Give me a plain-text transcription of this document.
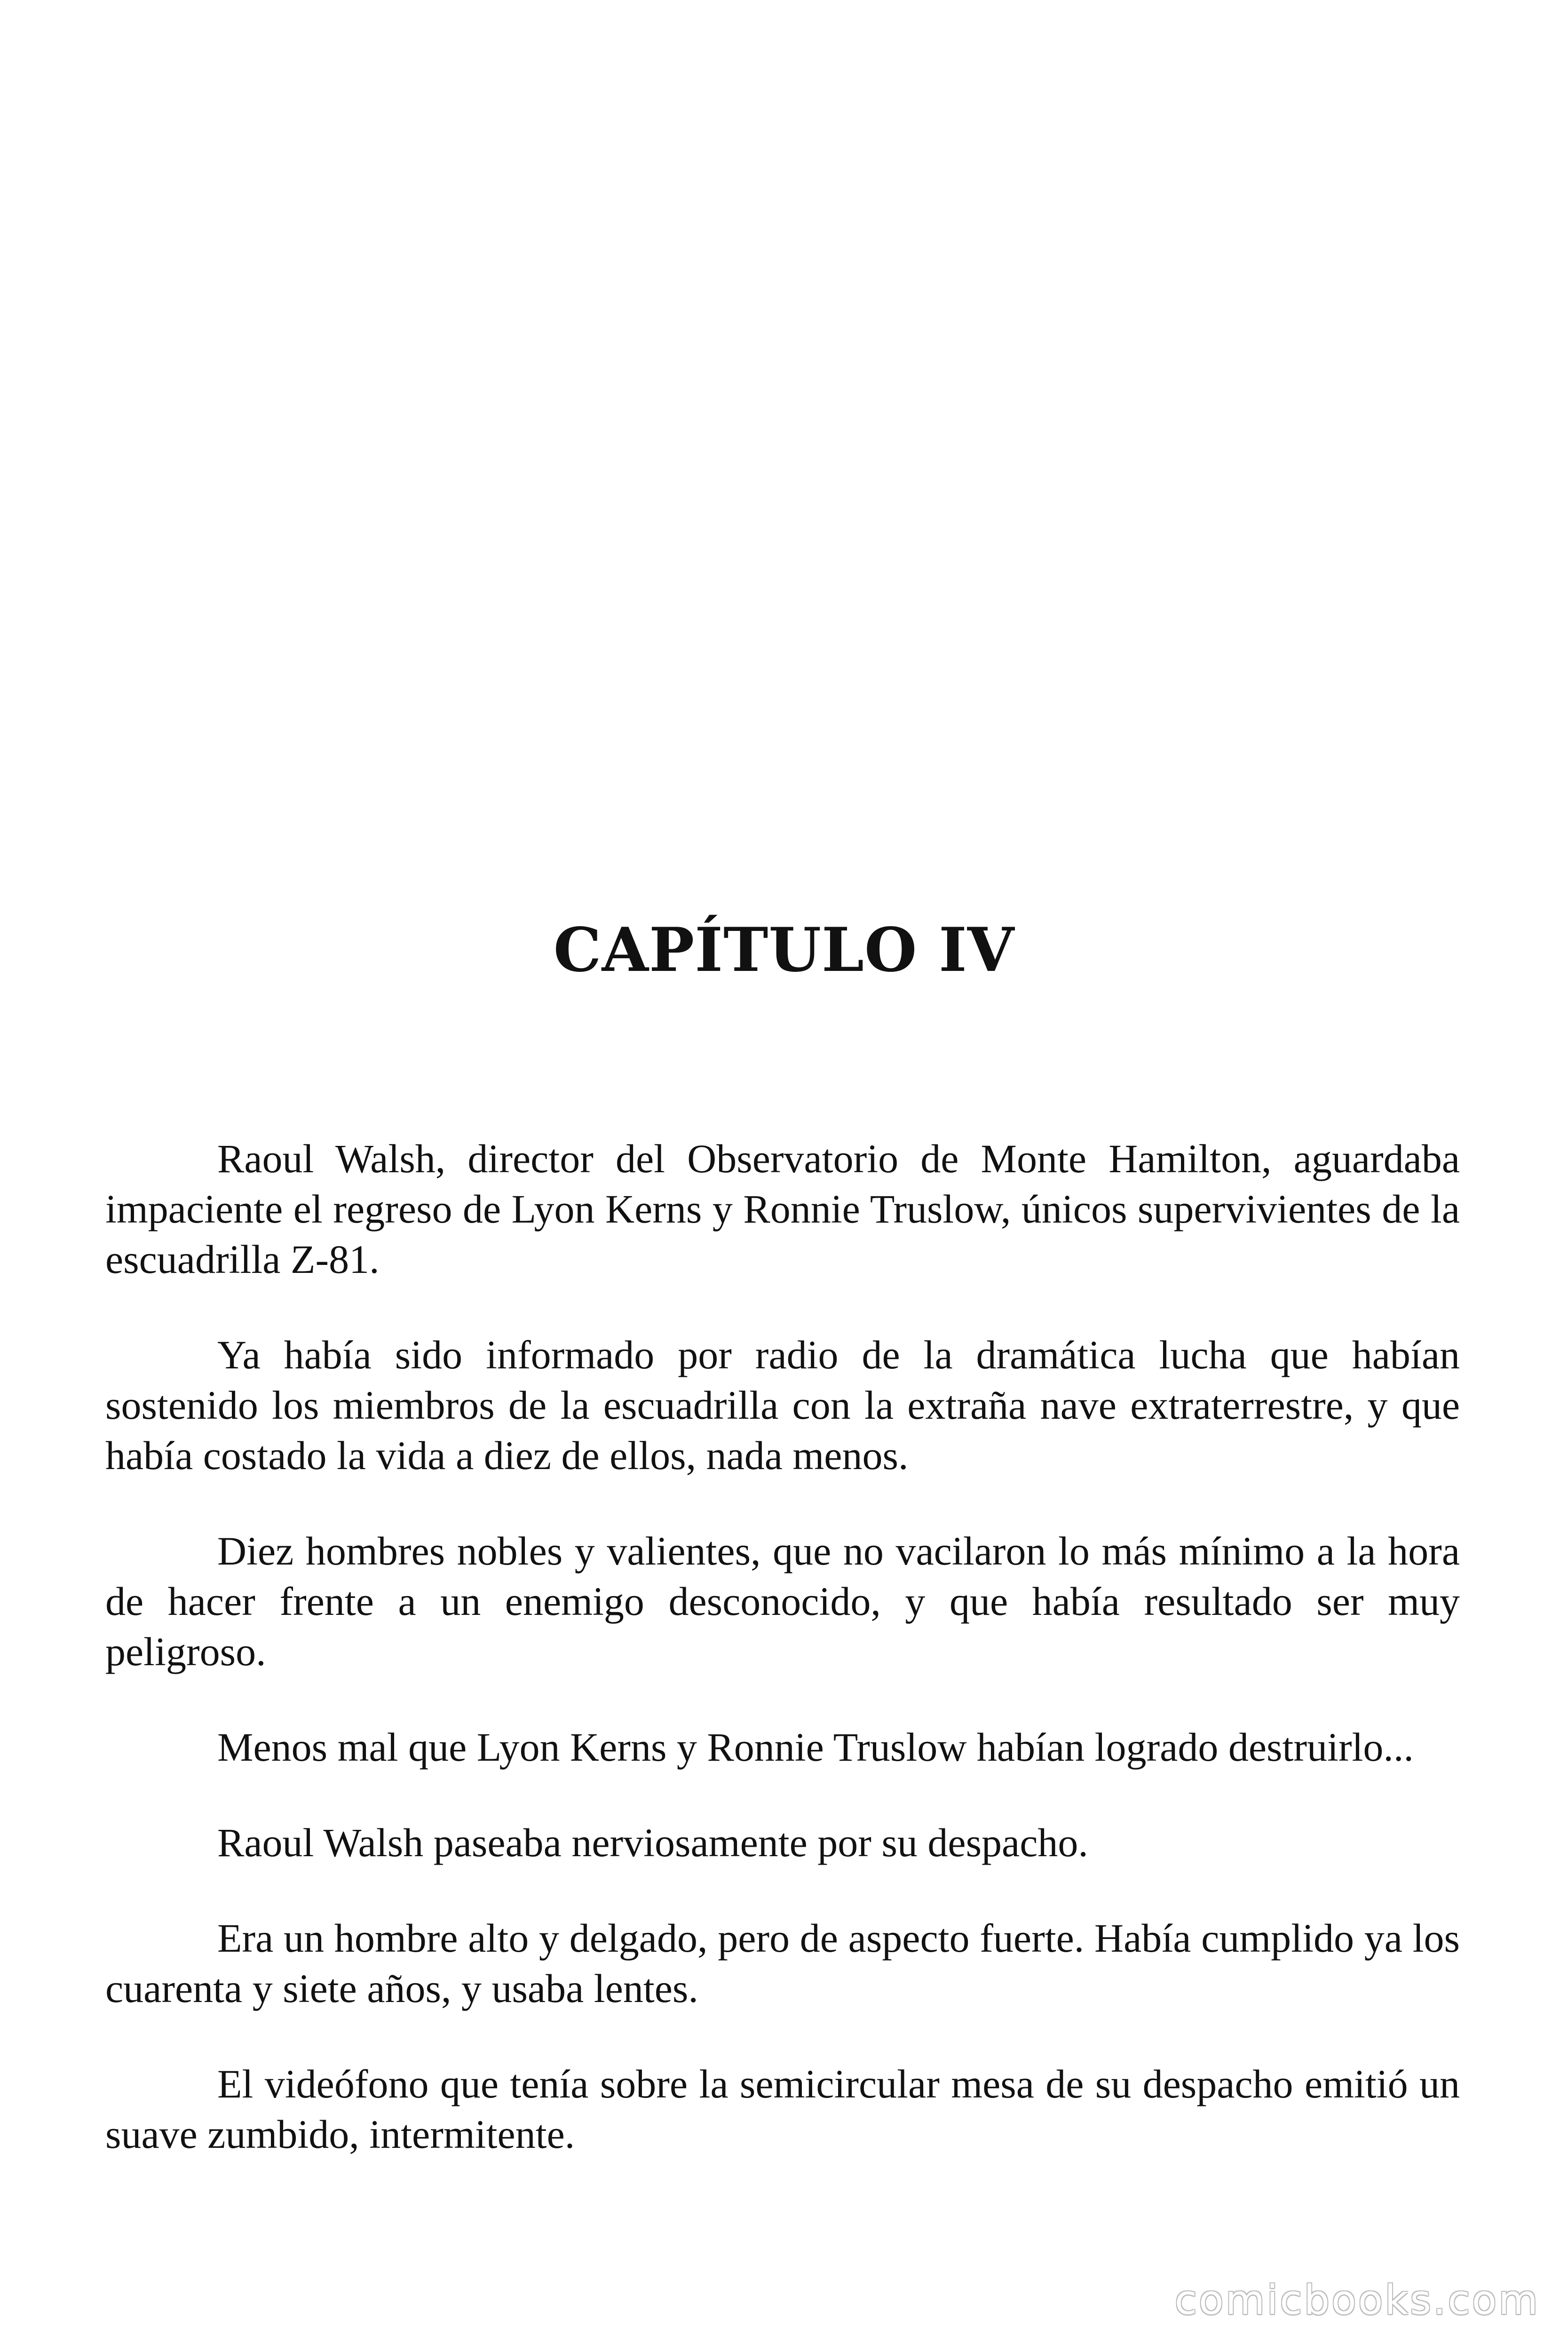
CAPÍTULO IV

Raoul Walsh, director del Observatorio de Monte Hamilton, aguardaba impaciente el regreso de Lyon Kerns y Ronnie Truslow, únicos supervivientes de la escuadrilla Z-81.

Ya había sido informado por radio de la dramática lucha que habían sostenido los miembros de la escuadrilla con la extraña nave extraterrestre, y que había costado la vida a diez de ellos, nada menos.

Diez hombres nobles y valientes, que no vacilaron lo más mínimo a la hora de hacer frente a un enemigo desconocido, y que había resultado ser muy peligroso.

Menos mal que Lyon Kerns y Ronnie Truslow habían logrado destruirlo...

Raoul Walsh paseaba nerviosamente por su despacho.

Era un hombre alto y delgado, pero de aspecto fuerte. Había cumplido ya los cuarenta y siete años, y usaba lentes.

El videófono que tenía sobre la semicircular mesa de su despacho emitió un suave zumbido, intermitente.

comicbooks.com
